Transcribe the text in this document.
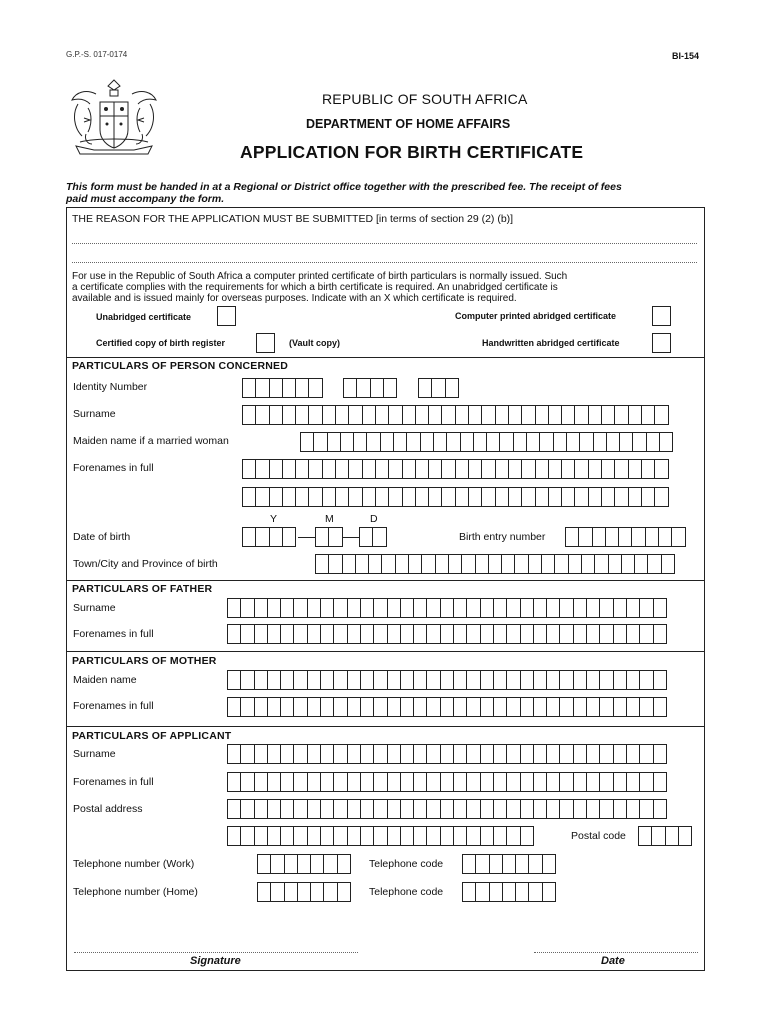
G.P.-S. 017-0174	BI-154
REPUBLIC OF SOUTH AFRICA
DEPARTMENT OF HOME AFFAIRS
APPLICATION FOR BIRTH CERTIFICATE
This form must be handed in at a Regional or District office together with the prescribed fee. The receipt of fees
paid must accompany the form.
THE REASON FOR THE APPLICATION MUST BE SUBMITTED [in terms of section 29 (2) (b)]
For use in the Republic of South Africa a computer printed certificate of birth particulars is normally issued. Such
a certificate complies with the requirements for which a birth certificate is required. An unabridged certificate is
available and is issued mainly for overseas purposes. Indicate with an X which certificate is required.
Unabridged certificate	Computer printed abridged certificate
Certified copy of birth register	(Vault copy)	Handwritten abridged certificate
PARTICULARS OF PERSON CONCERNED
Identity Number
Surname
Maiden name if a married woman
Forenames in full
Y	M	D
Date of birth	Birth entry number
Town/City and Province of birth
PARTICULARS OF FATHER
Surname
Forenames in full
PARTICULARS OF MOTHER
Maiden name
Forenames in full
PARTICULARS OF APPLICANT
Surname
Forenames in full
Postal address
Postal code
Telephone number (Work)	Telephone code
Telephone number (Home)	Telephone code
Signature	Date
